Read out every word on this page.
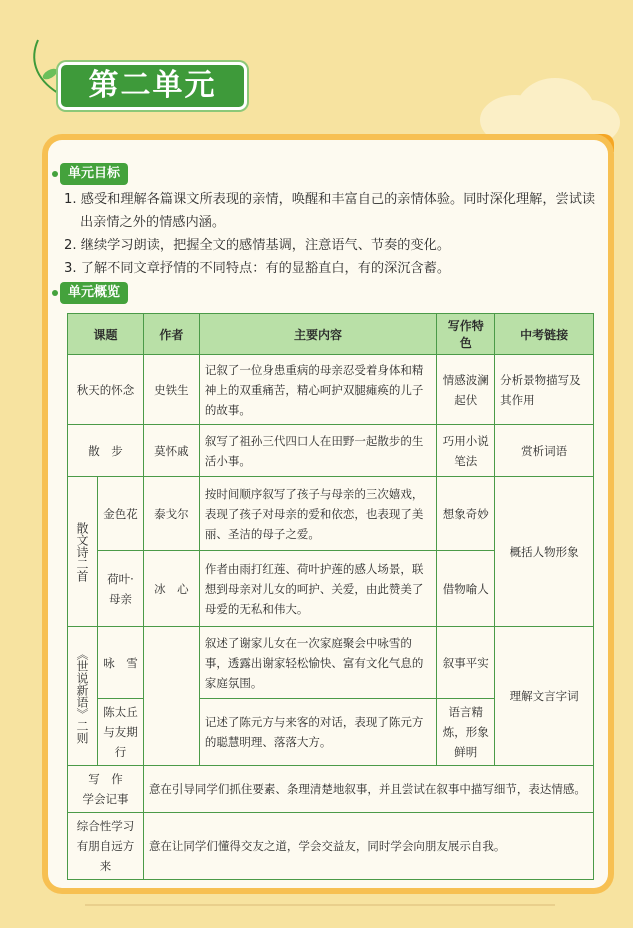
第二单元
单元目标

1. 感受和理解各篇课文所表现的亲情，唤醒和丰富自己的亲情体验。同时深化理解，尝试读

出亲情之外的情感内涵。

2. 继续学习朗读，把握全文的感情基调，注意语气、节奏的变化。

3. 了解不同文章抒情的不同特点：有的显豁直白，有的深沉含蓄。

单元概览
课题		作者	主要内容	写作特色	中考链接
秋天的怀念		史铁生	记叙了一位身患重病的母亲忍受着身体和精神上的双重痛苦，精心呵护双腿瘫痪的儿子的故事。	情感波澜起伏	分析景物描写及其作用
散　步		莫怀戚	叙写了祖孙三代四口人在田野一起散步的生活小事。	巧用小说笔法	赏析词语
散文诗二首	金色花	泰戈尔	按时间顺序叙写了孩子与母亲的三次嬉戏，表现了孩子对母亲的爱和依恋，也表现了美丽、圣洁的母子之爱。	想象奇妙	概括人物形象
	荷叶·母亲	冰　心	作者由雨打红莲、荷叶护莲的感人场景，联想到母亲对儿女的呵护、关爱，由此赞美了母爱的无私和伟大。	借物喻人	
《世说新语》二则	咏　雪		叙述了谢家儿女在一次家庭聚会中咏雪的事，透露出谢家轻松愉快、富有文化气息的家庭氛围。	叙事平实	理解文言字词
	陈太丘与友期行		记述了陈元方与来客的对话，表现了陈元方的聪慧明理、落落大方。	语言精炼，形象鲜明	
写　作
学会记事		意在引导同学们抓住要素、条理清楚地叙事，并且尝试在叙事中描写细节，表达情感。			
综合性学习
有朋自远方来		意在让同学们懂得交友之道，学会交益友，同时学会向朋友展示自我。			
